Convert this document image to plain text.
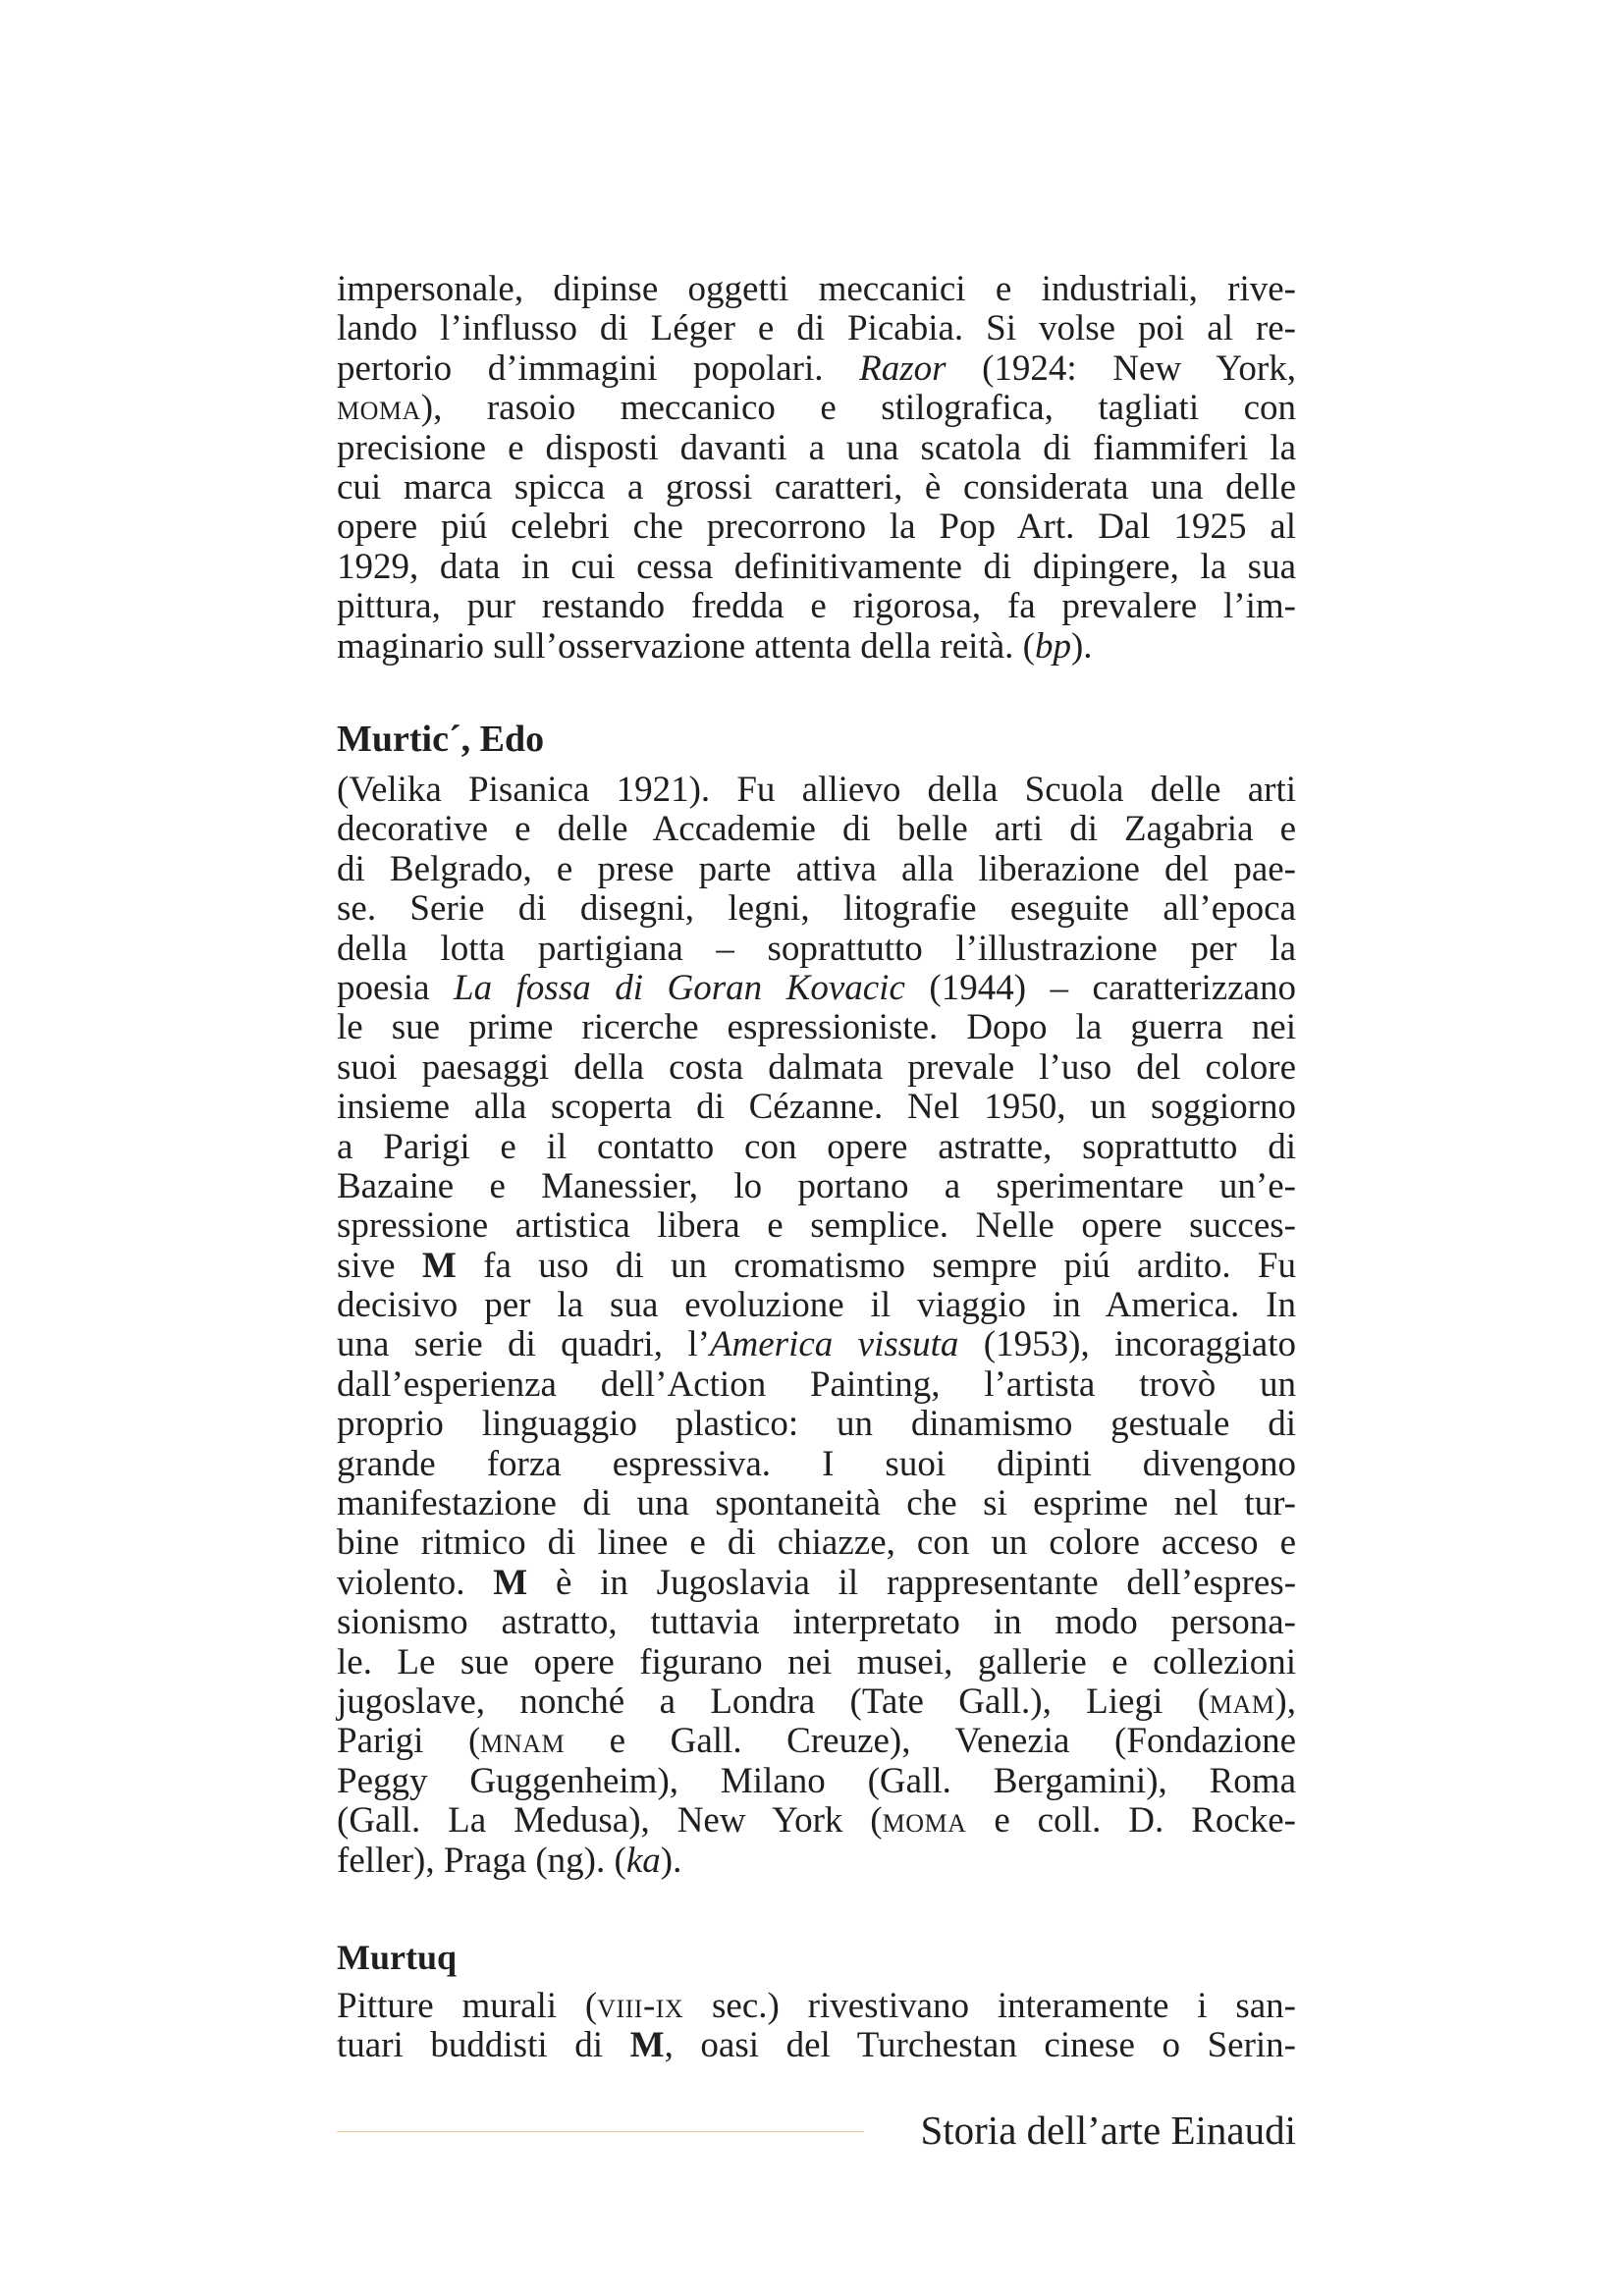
impersonale, dipinse oggetti meccanici e industriali, rive-
lando l’influsso di Léger e di Picabia. Si volse poi al re-
pertorio d’immagini popolari. Razor (1924: New York,
moma), rasoio meccanico e stilografica, tagliati con
precisione e disposti davanti a una scatola di fiammiferi la
cui marca spicca a grossi caratteri, è considerata una delle
opere piú celebri che precorrono la Pop Art. Dal 1925 al
1929, data in cui cessa definitivamente di dipingere, la sua
pittura, pur restando fredda e rigorosa, fa prevalere l’im-
maginario sull’osservazione attenta della reità. (bp).
Murtic´, Edo
(Velika Pisanica 1921). Fu allievo della Scuola delle arti
decorative e delle Accademie di belle arti di Zagabria e
di Belgrado, e prese parte attiva alla liberazione del pae-
se. Serie di disegni, legni, litografie eseguite all’epoca
della lotta partigiana – soprattutto l’illustrazione per la
poesia La fossa di Goran Kovacic (1944) – caratterizzano
le sue prime ricerche espressioniste. Dopo la guerra nei
suoi paesaggi della costa dalmata prevale l’uso del colore
insieme alla scoperta di Cézanne. Nel 1950, un soggiorno
a Parigi e il contatto con opere astratte, soprattutto di
Bazaine e Manessier, lo portano a sperimentare un’e-
spressione artistica libera e semplice. Nelle opere succes-
sive M fa uso di un cromatismo sempre piú ardito. Fu
decisivo per la sua evoluzione il viaggio in America. In
una serie di quadri, l’America vissuta (1953), incoraggiato
dall’esperienza dell’Action Painting, l’artista trovò un
proprio linguaggio plastico: un dinamismo gestuale di
grande forza espressiva. I suoi dipinti divengono
manifestazione di una spontaneità che si esprime nel tur-
bine ritmico di linee e di chiazze, con un colore acceso e
violento. M è in Jugoslavia il rappresentante dell’espres-
sionismo astratto, tuttavia interpretato in modo persona-
le. Le sue opere figurano nei musei, gallerie e collezioni
jugoslave, nonché a Londra (Tate Gall.), Liegi (mam),
Parigi (mnam e Gall. Creuze), Venezia (Fondazione
Peggy Guggenheim), Milano (Gall. Bergamini), Roma
(Gall. La Medusa), New York (moma e coll. D. Rocke-
feller), Praga (ng). (ka).
Murtuq
Pitture murali (viii-ix sec.) rivestivano interamente i san-
tuari buddisti di M, oasi del Turchestan cinese o Serin-
Storia dell’arte Einaudi
